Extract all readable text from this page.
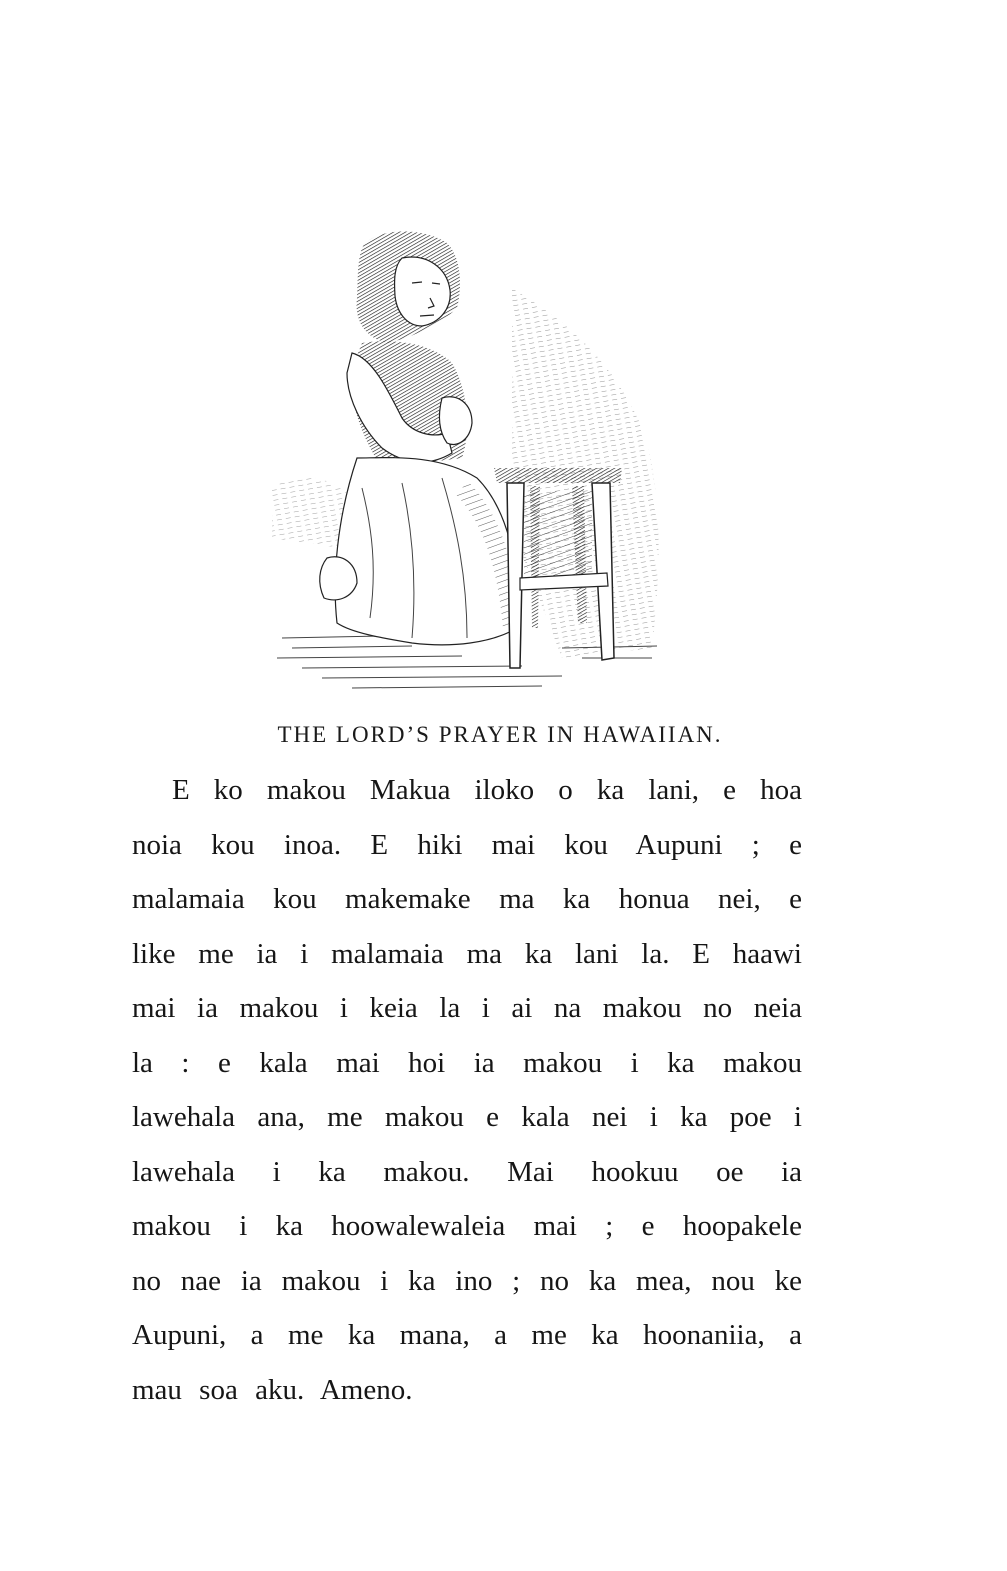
THE LORD’S PRAYER IN HAWAIIAN.
E ko makou Makua iloko o ka lani, e hoa
noia kou inoa. E hiki mai kou Aupuni ; e
malamaia kou makemake ma ka honua nei, e
like me ia i malamaia ma ka lani la. E haawi
mai ia makou i keia la i ai na makou no neia
la : e kala mai hoi ia makou i ka makou
lawehala ana, me makou e kala nei i ka poe i
lawehala i ka makou. Mai hookuu oe ia
makou i ka hoowalewaleia mai ; e hoopakele
no nae ia makou i ka ino ; no ka mea, nou ke
Aupuni, a me ka mana, a me ka hoonaniia, a
mau soa aku. Ameno.
